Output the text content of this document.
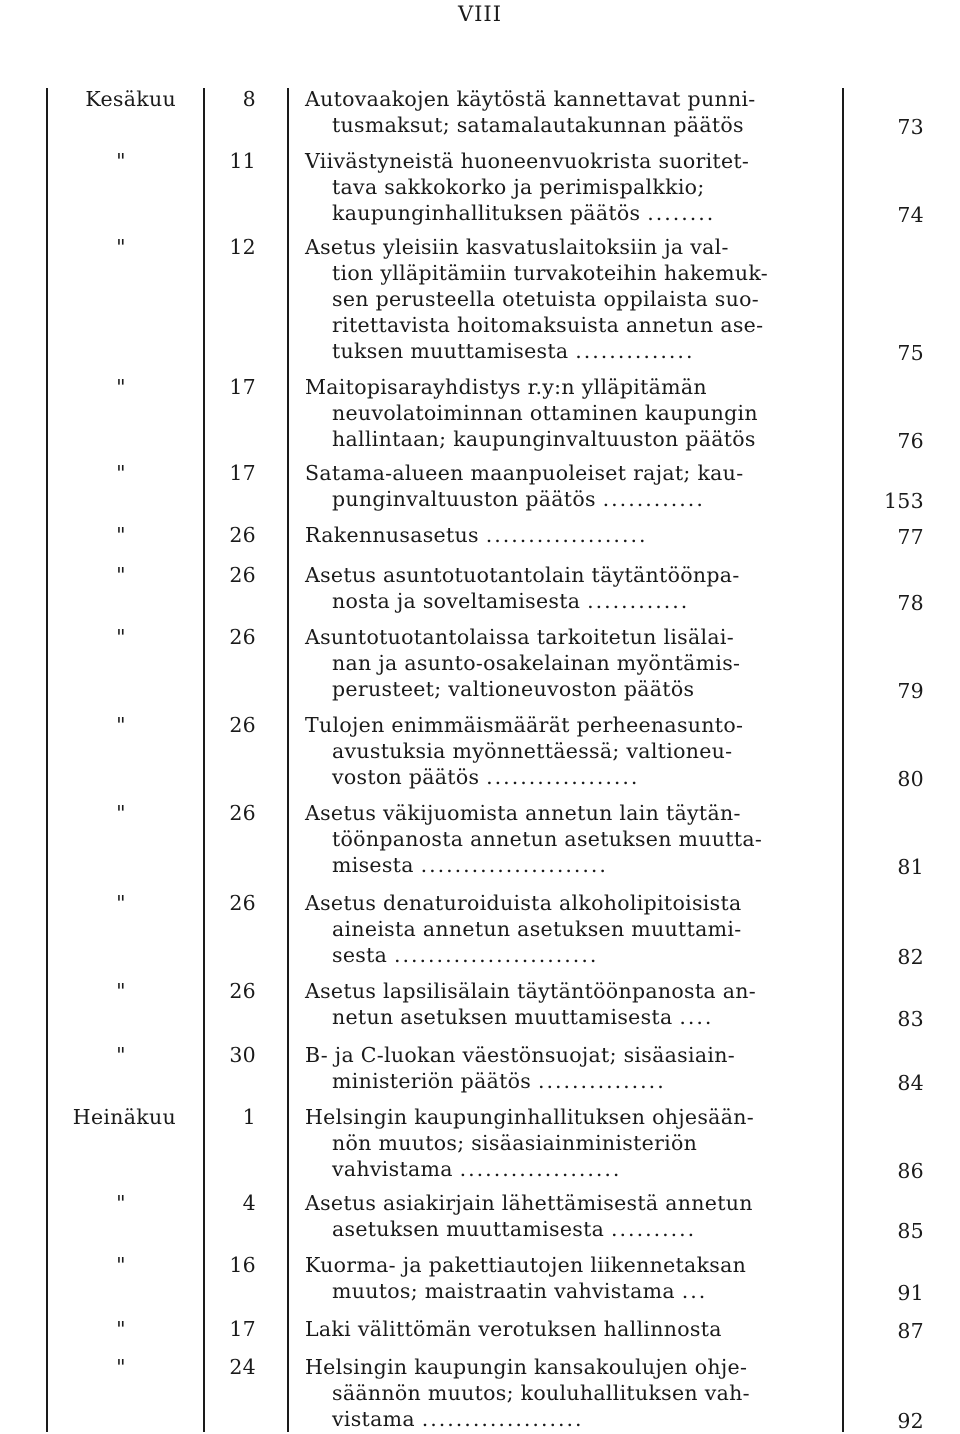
VIII
Kesäkuu	8 Autovaakojen käytöstä kannettavat punni-
tusmaksut; satamalautakunnan päätös	73
"	11 Viivästyneistä huoneenvuokrista suoritet-
tava sakkokorko ja perimispalkkio;
kaupunginhallituksen päätös ........	74
"	12 Asetus yleisiin kasvatuslaitoksiin ja val-
tion ylläpitämiin turvakoteihin hakemuk-
sen perusteella otetuista oppilaista suo-
ritettavista hoitomaksuista annetun ase-
tuksen muuttamisesta ..............	75
"	17 Maitopisarayhdistys r.y:n ylläpitämän
neuvolatoiminnan ottaminen kaupungin
hallintaan; kaupunginvaltuuston päätös	76
"	17 Satama-alueen maanpuoleiset rajat; kau-
punginvaltuuston päätös ............	153
"	26 Rakennusasetus ...................	77
"	26 Asetus asuntotuotantolain täytäntöönpa-
nosta ja soveltamisesta ............	78
"	26 Asuntotuotantolaissa tarkoitetun lisälai-
nan ja asunto-osakelainan myöntämis-
perusteet; valtioneuvoston päätös	79
"	26 Tulojen enimmäismäärät perheenasunto-
avustuksia myönnettäessä; valtioneu-
voston päätös ..................	80
"	26 Asetus väkijuomista annetun lain täytän-
töönpanosta annetun asetuksen muutta-
misesta ......................	81
"	26 Asetus denaturoiduista alkoholipitoisista
aineista annetun asetuksen muuttami-
sesta ........................	82
"	26 Asetus lapsilisälain täytäntöönpanosta an-
netun asetuksen muuttamisesta ....	83
"	30 B- ja C-luokan väestönsuojat; sisäasiain-
ministeriön päätös ...............	84
Heinäkuu	1 Helsingin kaupunginhallituksen ohjesään-
nön muutos; sisäasiainministeriön
vahvistama ...................	86
"	4 Asetus asiakirjain lähettämisestä annetun
asetuksen muuttamisesta ..........	85
"	16 Kuorma- ja pakettiautojen liikennetaksan
muutos; maistraatin vahvistama ...	91
"	17 Laki välittömän verotuksen hallinnosta	87
"	24 Helsingin kaupungin kansakoulujen ohje-
säännön muutos; kouluhallituksen vah-
vistama ...................	92
